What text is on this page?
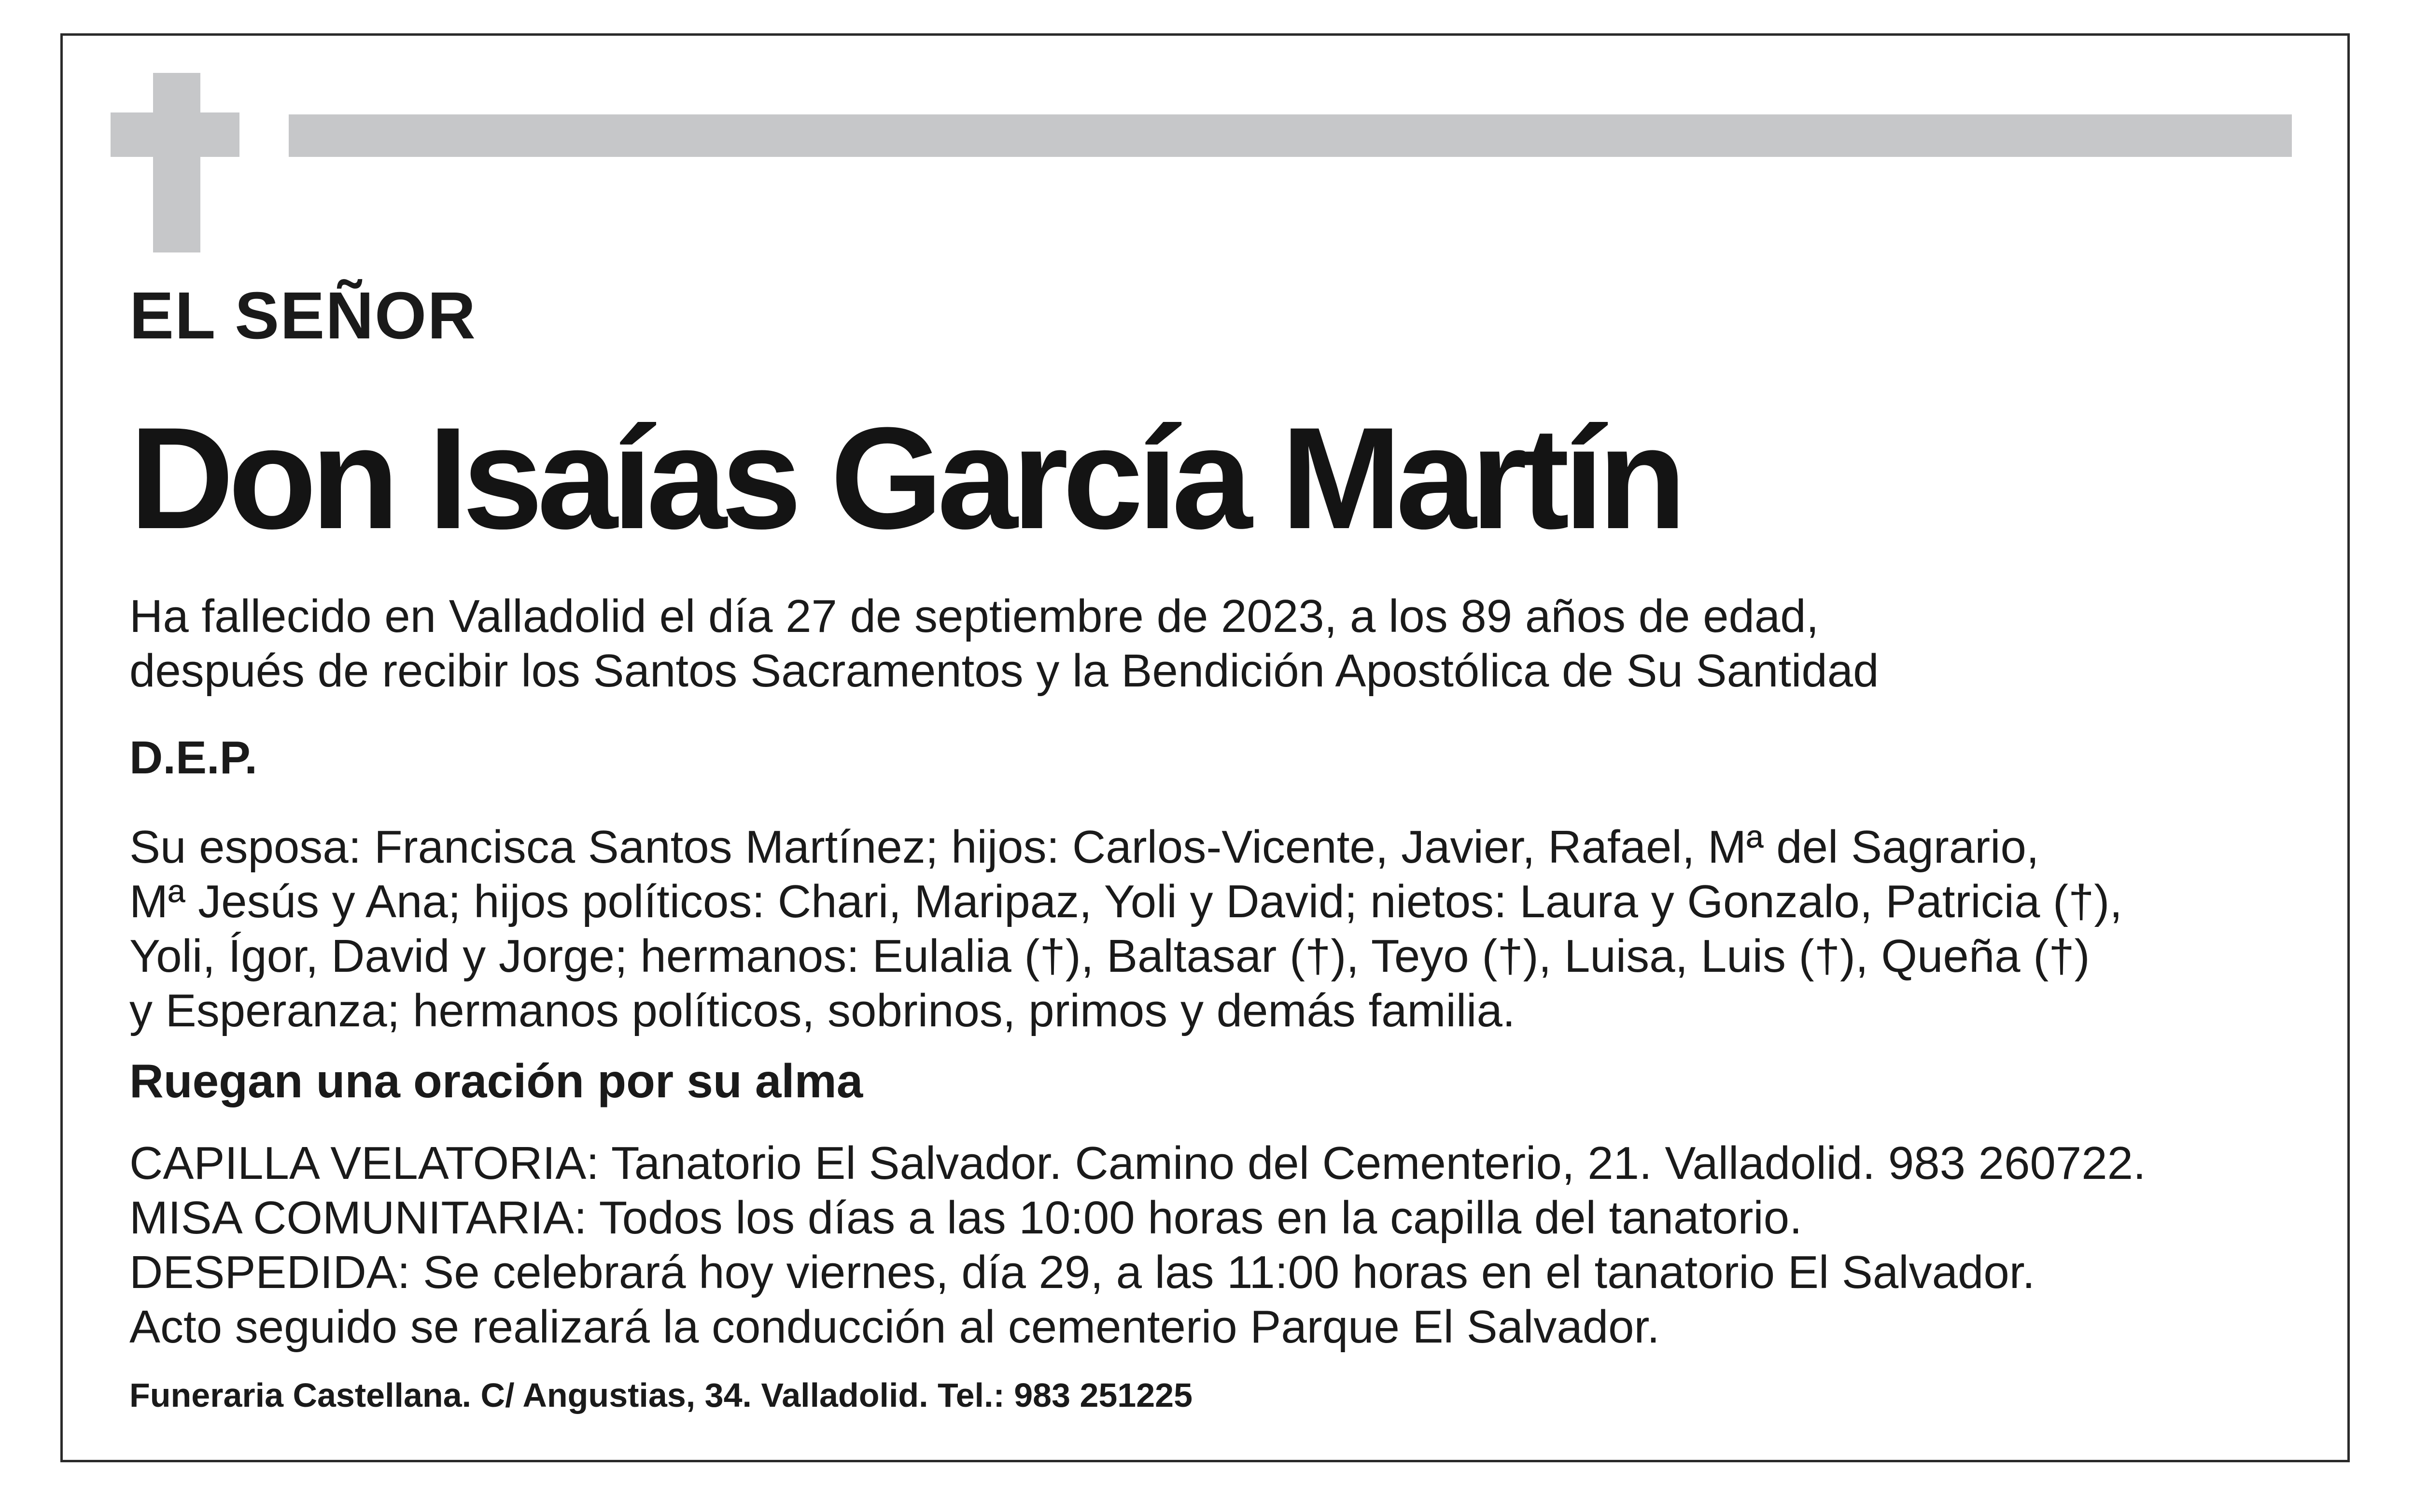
EL SEÑOR
Don Isaías García Martín
Ha fallecido en Valladolid el día 27 de septiembre de 2023, a los 89 años de edad,
después de recibir los Santos Sacramentos y la Bendición Apostólica de Su Santidad
D.E.P.
Su esposa: Francisca Santos Martínez; hijos: Carlos-Vicente, Javier, Rafael, Mª del Sagrario,
Mª Jesús y Ana; hijos políticos: Chari, Maripaz, Yoli y David; nietos: Laura y Gonzalo, Patricia (†),
Yoli, Ígor, David y Jorge; hermanos: Eulalia (†), Baltasar (†), Teyo (†), Luisa, Luis (†), Queña (†)
y Esperanza; hermanos políticos, sobrinos, primos y demás familia.
Ruegan una oración por su alma
CAPILLA VELATORIA: Tanatorio El Salvador. Camino del Cementerio, 21. Valladolid. 983 260722.
MISA COMUNITARIA: Todos los días a las 10:00 horas en la capilla del tanatorio.
DESPEDIDA: Se celebrará hoy viernes, día 29, a las 11:00 horas en el tanatorio El Salvador.
Acto seguido se realizará la conducción al cementerio Parque El Salvador.
Funeraria Castellana. C/ Angustias, 34. Valladolid. Tel.: 983 251225
